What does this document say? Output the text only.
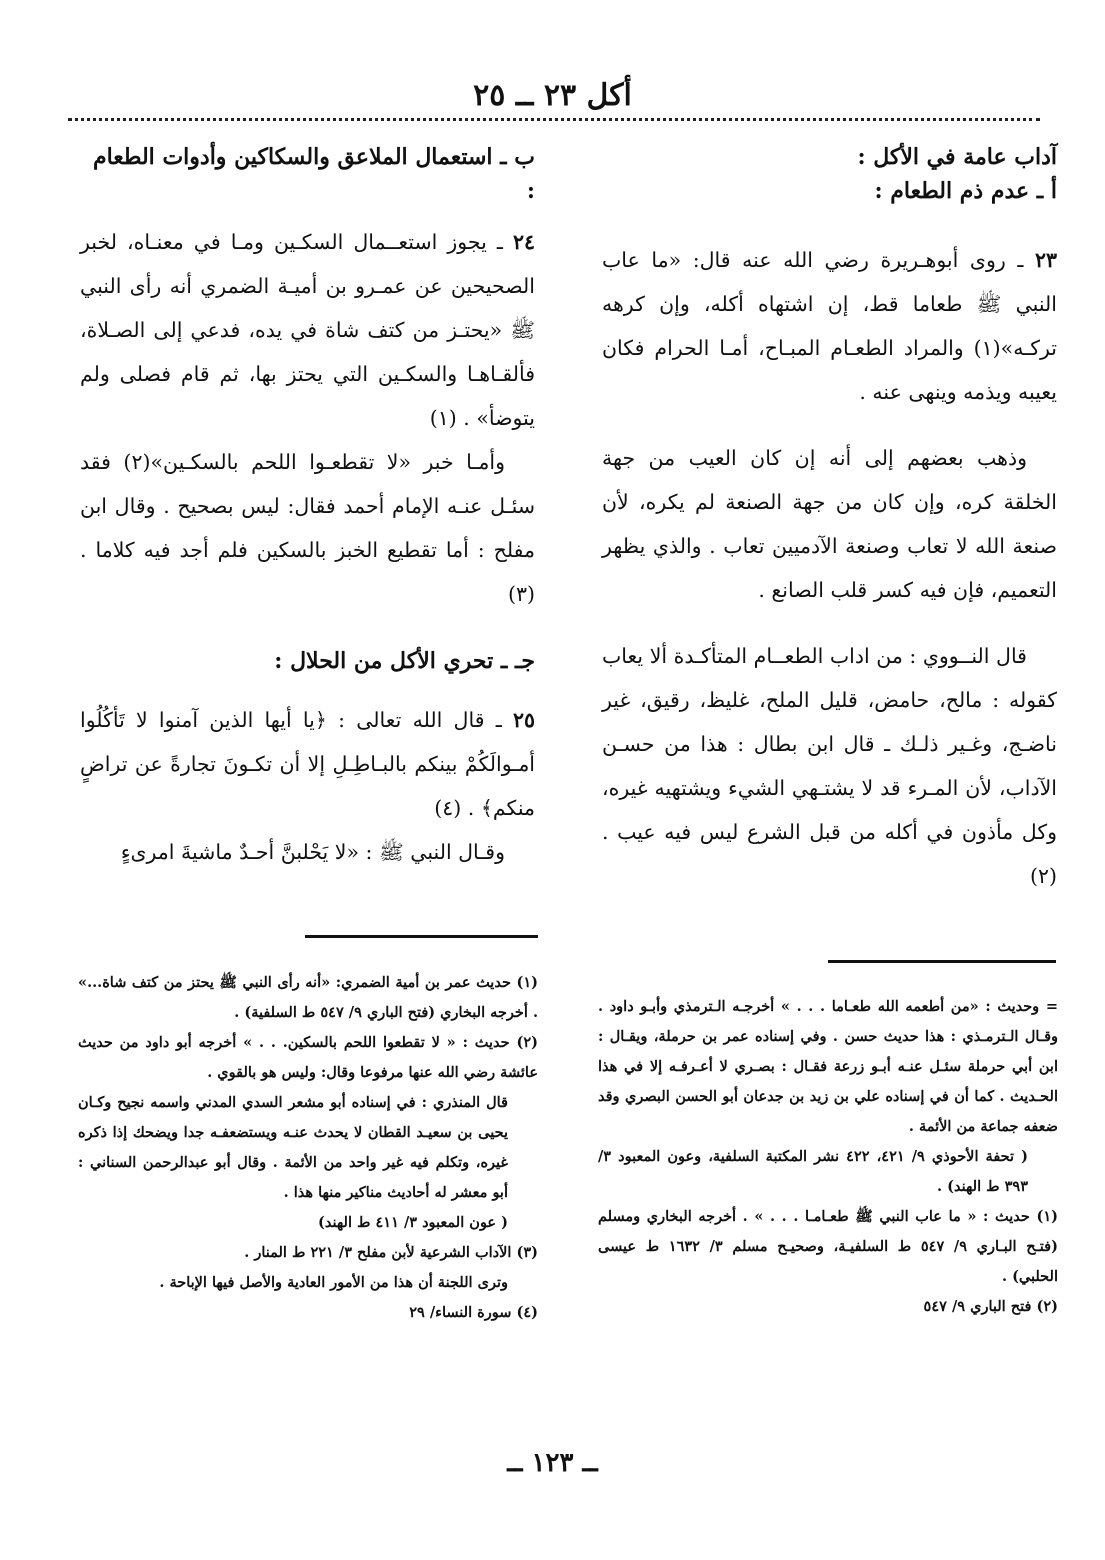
أكل ٢٣ ــ ٢٥

آداب عامة في الأكل :

أ ـ عدم ذم الطعام :

٢٣ ـ روى أبوهـريرة رضي الله عنه قال: «ما عاب النبي ﷺ طعاما قط، إن اشتهاه أكله، وإن كرهه تركـه»(١) والمراد الطعـام المبـاح، أمـا الحرام فكان يعيبه ويذمه وينهى عنه .

وذهب بعضهم إلى أنه إن كان العيب من جهة الخلقة كره، وإن كان من جهة الصنعة لم يكره، لأن صنعة الله لا تعاب وصنعة الآدميين تعاب . والذي يظهر التعميم، فإن فيه كسر قلب الصانع .

قال النــووي : من اداب الطعــام المتأكـدة ألا يعاب كقوله : مالح، حامض، قليل الملح، غليظ، رقيق، غير ناضـج، وغـير ذلـك ـ قال ابن بطال : هذا من حسـن الآداب، لأن المـرء قد لا يشتـهي الشيء ويشتهيه غيره، وكل مأذون في أكله من قبل الشرع ليس فيه عيب . (٢)

ب ـ استعمال الملاعق والسكاكين وأدوات الطعام :

٢٤ ـ يجوز استعــمال السكـين ومـا في معنـاه، لخبر الصحيحين عن عمـرو بن أميـة الضمري أنه رأى النبي ﷺ «يحتـز من كتف شاة في يده، فدعي إلى الصـلاة، فألقـاهـا والسكـين التي يحتز بها، ثم قام فصلى ولم يتوضأ» . (١)

وأمـا خبر «لا تقطعـوا اللحم بالسكـين»(٢) فقد سئـل عنـه الإمام أحمد فقال: ليس بصحيح . وقال ابن مفلح : أما تقطيع الخبز بالسكين فلم أجد فيه كلاما . (٣)

جـ ـ تحري الأكل من الحلال :

٢٥ ـ قال الله تعالى : ﴿يا أيها الذين آمنوا لا تَأكُلُوا أمـوالَكُمْ بينكم بالبـاطِـلِ إلا أن تكـونَ تجارةً عن تراضٍ منكم﴾ . (٤)

وقـال النبي ﷺ : «لا يَحْلبنَّ أحـدٌ ماشيةَ امرىءٍ

(١) حديث عمر بن أمية الضمري: «أنه رأى النبي ﷺ يحتز من كتف شاة...» . أخرجه البخاري (فتح الباري ٩/ ٥٤٧ ط السلفية) .

(٢) حديث : « لا تقطعوا اللحم بالسكين. . . » أخرجه أبو داود من حديث عائشة رضي الله عنها مرفوعا وقال: وليس هو بالقوي .

قال المنذري : في إسناده أبو مشعر السدي المدني واسمه نجيح وكـان يحيى بن سعيـد القطان لا يحدث عنـه ويستضعفـه جدا ويضحك إذا ذكره غيره، وتكلم فيه غير واحد من الأئمة . وقال أبو عبدالرحمن السناني : أبو معشر له أحاديث مناكير منها هذا .

( عون المعبود ٣/ ٤١١ ط الهند)

(٣) الآداب الشرعية لأبن مفلح ٣/ ٢٢١ ط المنار .

وترى اللجنة أن هذا من الأمور العادية والأصل فيها الإباحة .

(٤) سورة النساء/ ٢٩

= وحديث : «من أطعمه الله طعـاما . . . » أخرجـه الـترمذي وأبـو داود . وقـال الـترمـذي : هذا حديث حسن . وفي إسناده عمر بن حرملة، ويقـال : ابن أبي حرملة سئـل عنـه أبـو زرعة فقـال : بصـري لا أعـرفـه إلا في هذا الحـديث . كما أن في إسناده علي بن زيد بن جدعان أبو الحسن البصري وقد ضعفه جماعة من الأئمة .

( تحفة الأحوذي ٩/ ٤٢١، ٤٢٢ نشر المكتبة السلفية، وعون المعبود ٣/ ٣٩٣ ط الهند) .

(١) حديث : « ما عاب النبي ﷺ طعـامـا . . . » . أخرجه البخاري ومسلم (فتـح البـاري ٩/ ٥٤٧ ط السلفيـة، وصحيـح مسلم ٣/ ١٦٣٢ ط عيسى الحلبي) .

(٢) فتح الباري ٩/ ٥٤٧

ــ ١٢٣ ــ
